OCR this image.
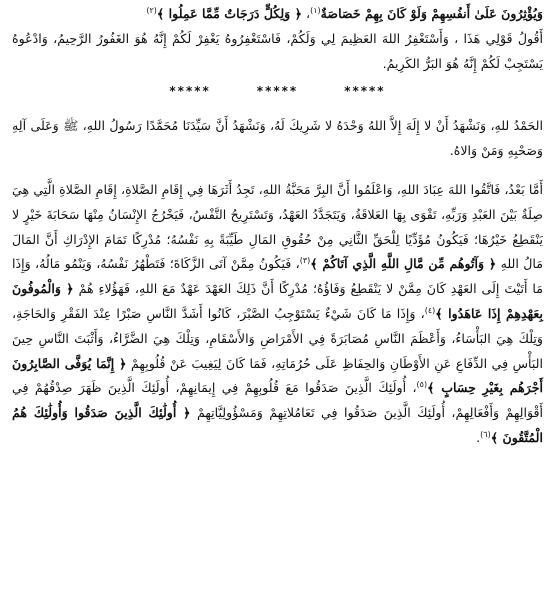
وَيُؤْثِرُونَ عَلَىٰ أَنفُسِهِمْ وَلَوْ كَانَ بِهِمْ خَصَاصَةٌ$^{(١)}$، ﴿ وَلِكُلٍّ دَرَجَاتٌ مِّمَّا عَمِلُوا ﴾$^{(٢)}$
أَقُولُ قَوْلِي هَذَا ، وَأَسْتَغْفِرُ اللهَ العَظِيمَ لِي وَلَكُمْ، فَاسْتَغْفِرُوهُ يَغْفِرْ لَكُمْ إِنَّهُ هُوَ الغَفُورُ الرَّحِيمُ، وَادْعُوهُ يَسْتَجِبْ لَكُمْ إِنَّهُ هُوَ البَرُّ الكَرِيمُ.

*****	*****	*****

الحَمْدُ للهِ، وَنَشْهَدُ أَنْ لا إِلَهَ إِلاَّ اللهُ وَحْدَهُ لا شَرِيكَ لَهُ، وَنَشْهَدُ أَنَّ سَيِّدَنَا مُحَمَّدًا رَسُولُ اللهِ، ﷺ وَعَلَى آلِهِ وَصَحْبِهِ وَمَنْ وَالاهُ.

أَمَّا بَعْدُ، فَاتَّقُوا اللهَ عِبَادَ اللهِ، وَاعْلَمُوا أَنَّ البِرَّ مَحَبَّةُ اللهِ، تَجِدُ أَثَرَهَا فِي إِقَامِ الصَّلاةِ، إِقَامِ الصَّلاةِ الَّتِي هِيَ صِلَةٌ بَيْنَ العَبْدِ وَرَبِّهِ، تَقْوَى بِهَا العَلاقَةُ، وَيَتَجَدَّدُ العَهْدُ، وَتَسْتَرِيحُ النَّفْسُ، فَيَخْرُجُ الإِنْسَانُ مِنْهَا سَحَابَةَ خَيْرٍ لا يَنْقَطِعُ خَيْرُهَا؛ فَيَكُونُ مُؤَدِّيًا لِلْحَقِّ الثَّانِي مِنْ حُقُوقِ المَالِ طَيِّبَةً بِهِ نَفْسُهُ؛ مُدْرِكًا تَمَامَ الإِدْرَاكِ أَنَّ المَالَ مَالُ اللهِ ﴿ وَآتُوهُم مِّن مَّالِ اللَّهِ الَّذِي آتَاكُمْ ﴾$^{(٣)}$، فَيَكُونُ مِمَّنْ آتَى الزَّكَاةَ؛ فَتَطْهُرُ نَفْسُهُ، وَيَنْمُو مَالُهُ، وَإِذَا مَا أَتَيْتَ إِلَى العَهْدِ كَانَ مِمَّنْ لا يَنْقَطِعُ وَفَاؤُهُ؛ مُدْرِكًا أَنَّ ذَلِكَ العَهْدَ عَهْدٌ مَعَ اللهِ، فَهَؤُلاءِ هُمْ ﴿ وَالْمُوفُونَ بِعَهْدِهِمْ إِذَا عَاهَدُوا ﴾$^{(٤)}$، وَإِذَا مَا كَانَ شَيْءٌ يَسْتَوْجِبُ الصَّبْرَ، كَانُوا أَشَدَّ النَّاسِ صَبْرًا عِنْدَ الفَقْرِ وَالحَاجَةِ، وَتِلْكَ هِيَ البَأْسَاءُ، وَأَعْظَمَ النَّاسِ مُصَابَرَةً فِي الأَمْرَاضِ وَالأَسْقَامِ، وَتِلْكَ هِيَ الضَّرَّاءُ، وَأَثْبَتَ النَّاسِ حِينَ البَأْسِ فِي الدِّفَاعِ عَنِ الأَوْطَانِ وَالحِفَاظِ عَلَى حُرُمَاتِهِ، فَمَا كَانَ لِيَغِيبَ عَنْ قُلُوبِهِمْ ﴿ إِنَّمَا يُوَفَّى الصَّابِرُونَ أَجْرَهُم بِغَيْرِ حِسَابٍ ﴾$^{(٥)}$، أُولَئِكَ الَّذِينَ صَدَقُوا مَعَ قُلُوبِهِمْ فِي إِيمَانِهِمْ، أُولَئِكَ الَّذِينَ ظَهَرَ صِدْقُهُمْ فِي أَقْوَالِهِمْ وَأَفْعَالِهِمْ، أُولَئِكَ الَّذِينَ صَدَقُوا فِي تَعَامُلاتِهِمْ وَمَسْؤُولِيَّاتِهِمْ ﴿ أُولَٰئِكَ الَّذِينَ صَدَقُوا وَأُولَٰئِكَ هُمُ الْمُتَّقُونَ ﴾$^{(٦)}$.
